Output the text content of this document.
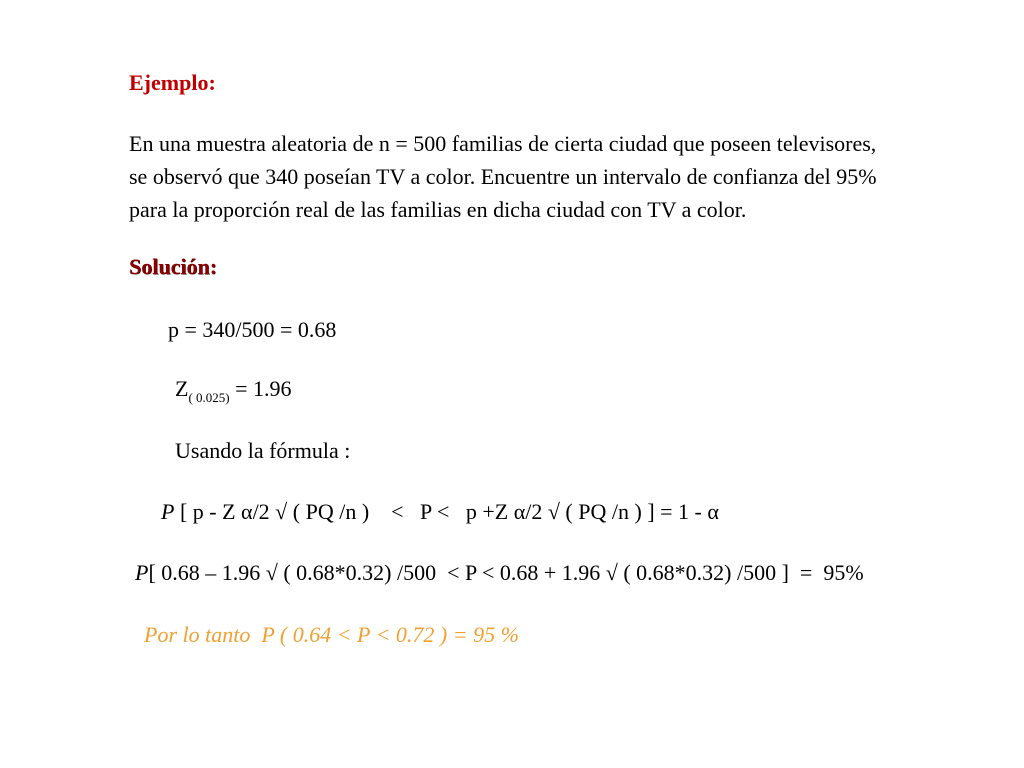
Ejemplo:
En una muestra aleatoria de n = 500 familias de cierta ciudad que poseen televisores,
se observó que 340 poseían TV a color. Encuentre un intervalo de confianza del 95%
para la proporción real de las familias en dicha ciudad con TV a color.
Solución:
p = 340/500 = 0.68
$Z_{( 0.025)} = 1.96$
Usando la fórmula :
P [ p - Z α/2 √ ( PQ /n )    <   P <   p +Z α/2 √ ( PQ /n ) ] = 1 - α
P[ 0.68 – 1.96 √ ( 0.68*0.32) /500  < P < 0.68 + 1.96 √ ( 0.68*0.32) /500 ]  =  95%
Por lo tanto  P ( 0.64 < P < 0.72 ) = 95 %
